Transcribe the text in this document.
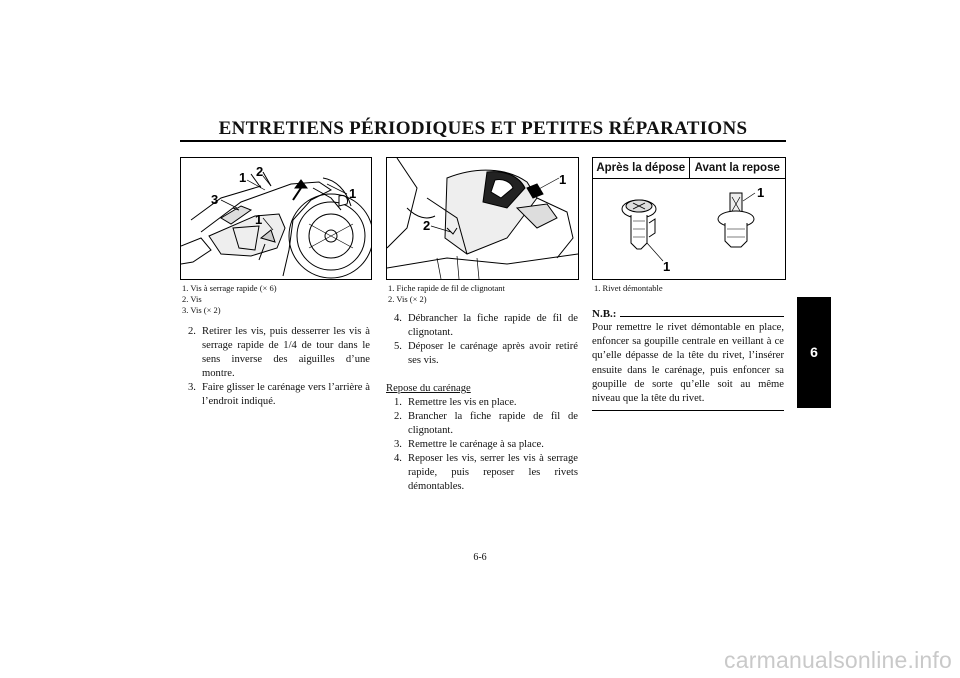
ENTRETIENS PÉRIODIQUES ET PETITES RÉPARATIONS
1 2
3
1
1
1. Vis à serrage rapide (× 6)
2. Vis
3. Vis (× 2)
2. Retirer les vis, puis desserrer les vis à serrage rapide de 1/4 de tour dans le sens inverse des aiguilles d’une montre.
3. Faire glisser le carénage vers l’arrière à l’endroit indiqué.
1
2
1. Fiche rapide de fil de clignotant
2. Vis (× 2)
4. Débrancher la fiche rapide de fil de clignotant.
5. Déposer le carénage après avoir retiré ses vis.
Repose du carénage
1. Remettre les vis en place.
2. Brancher la fiche rapide de fil de clignotant.
3. Remettre le carénage à sa place.
4. Reposer les vis, serrer les vis à serrage rapide, puis reposer les rivets démontables.
Après la dépose Avant la repose
1
1
1. Rivet démontable
N.B.:
Pour remettre le rivet démontable en place, enfoncer sa goupille centrale en veillant à ce qu’elle dépasse de la tête du rivet, l’insérer ensuite dans le carénage, puis enfoncer sa goupille de sorte qu’elle soit au même niveau que la tête du rivet.
6
6-6
carmanualsonline.info
